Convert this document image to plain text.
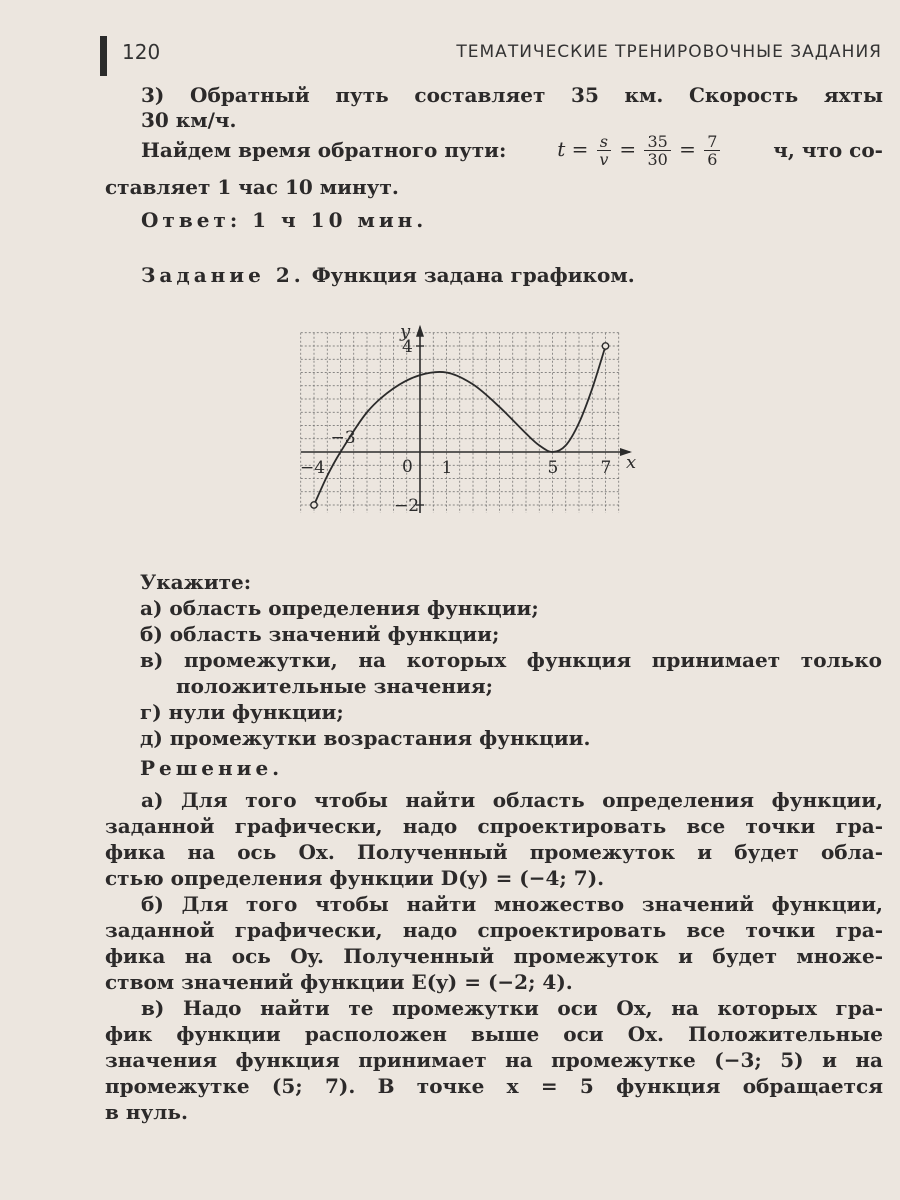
120	ТЕМАТИЧЕСКИЕ ТРЕНИРОВОЧНЫЕ ЗАДАНИЯ
3) Обратный путь составляет 35 км. Скорость яхты
30 км/ч.
Найдем время обратного пути:	$t = \frac{s}{v} = \frac{35}{30} = \frac{7}{6}$	ч, что со-
ставляет 1 час 10 минут.
Ответ: 1 ч 10 мин.
Задание 2. Функция задана графиком.
x
y
−4
−3
0 1	5 7
4
−2
Укажите:
а) область определения функции;
б) область значений функции;
в) промежутки, на которых функция принимает только
положительные значения;
г) нули функции;
д) промежутки возрастания функции.
Решение.
а) Для того чтобы найти область определения функции,
заданной графически, надо спроектировать все точки гра-
фика на ось Ox. Полученный промежуток и будет обла-
стью определения функции D(y) = (−4; 7).
б) Для того чтобы найти множество значений функции,
заданной графически, надо спроектировать все точки гра-
фика на ось Oy. Полученный промежуток и будет множе-
ством значений функции E(y) = (−2; 4).
в) Надо найти те промежутки оси Ox, на которых гра-
фик функции расположен выше оси Ox. Положительные
значения функция принимает на промежутке (−3; 5) и на
промежутке (5; 7). В точке x = 5 функция обращается
в нуль.
